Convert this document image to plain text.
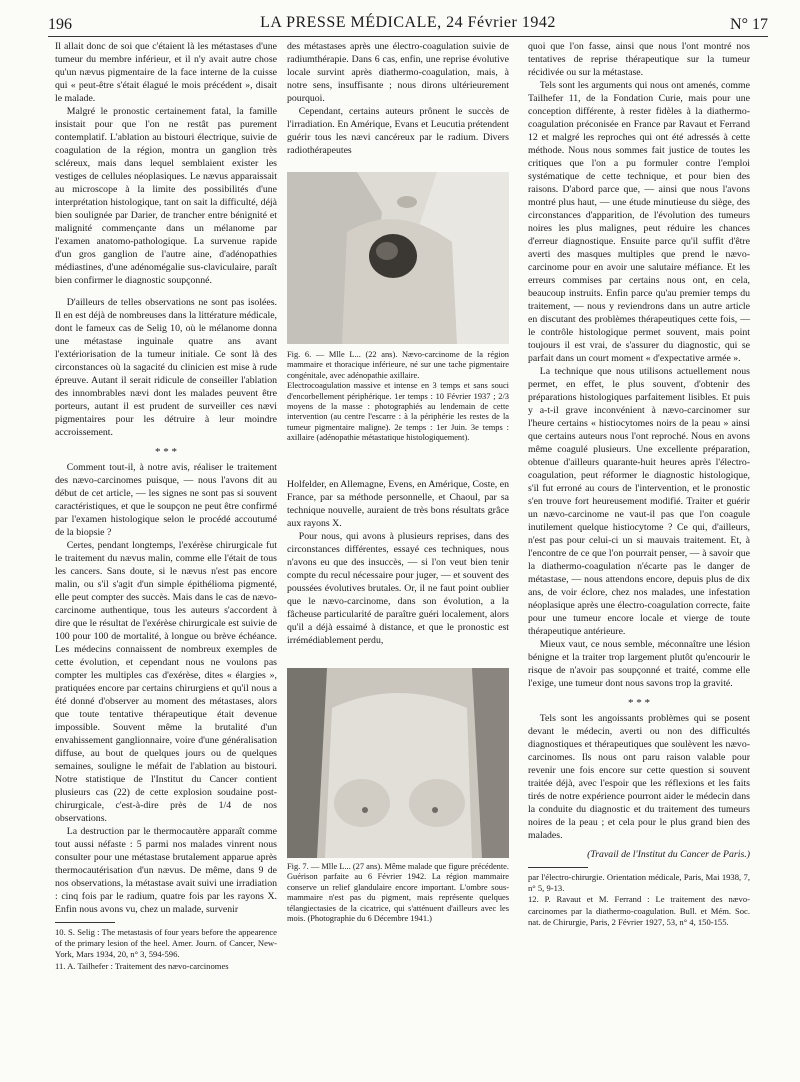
196	LA PRESSE MÉDICALE, 24 Février 1942	N° 17

Il allait donc de soi que c'étaient là les métastases d'une tumeur du membre inférieur, et il n'y avait autre chose qu'un nævus pigmentaire de la face interne de la cuisse qui « peut-être s'était élagué le mois précédent », disait le malade.

Malgré le pronostic certainement fatal, la famille insistait pour que l'on ne restât pas purement contemplatif. L'ablation au bistouri électrique, suivie de coagulation de la région, montra un ganglion très scléreux, mais dans lequel semblaient exister les vestiges de cellules néoplasiques. Le nævus apparaissait au microscope à la limite des possibilités d'une interprétation histologique, tant on sait la difficulté, déjà bien soulignée par Darier, de trancher entre bénignité et malignité commençante dans un mélanome par l'examen anatomo-pathologique. La survenue rapide d'un gros ganglion de l'autre aine, d'adénopathies médiastines, d'une adénomégalie sus-claviculaire, paraît bien confirmer le diagnostic soupçonné.

D'ailleurs de telles observations ne sont pas isolées. Il en est déjà de nombreuses dans la littérature médicale, dont le fameux cas de Selig 10, où le mélanome donna une métastase inguinale quatre ans avant l'extériorisation de la tumeur initiale. Ce sont là des circonstances où la sagacité du clinicien est mise à rude épreuve. Autant il serait ridicule de conseiller l'ablation des innombrables nævi dont les malades peuvent être porteurs, autant il est prudent de surveiller ces nævi pigmentaires pour les détruire à leur moindre accroissement.

* * *

Comment tout-il, à notre avis, réaliser le traitement des nævo-carcinomes puisque, — nous l'avons dit au début de cet article, — les signes ne sont pas si souvent caractéristiques, et que le soupçon ne peut être confirmé par l'examen histologique selon le procédé accoutumé de la biopsie ?

Certes, pendant longtemps, l'exérèse chirurgicale fut le traitement du nævus malin, comme elle l'était de tous les cancers. Sans doute, si le nævus n'est pas encore malin, ou s'il s'agit d'un simple épithélioma pigmenté, elle peut compter des succès. Mais dans le cas de nævo-carcinome authentique, tous les auteurs s'accordent à dire que le résultat de l'exérèse chirurgicale est suivie de 100 pour 100 de mortalité, à longue ou brève échéance. Les médecins connaissent de nombreux exemples de cette évolution, et cependant nous ne voulons pas compter les multiples cas d'exérèse, dites « élargies », pratiquées encore par certains chirurgiens et qu'il nous a été donné d'observer au moment des métastases, alors que toute tentative thérapeutique était devenue impossible. Souvent même la brutalité d'un envahissement ganglionnaire, voire d'une généralisation diffuse, au bout de quelques jours ou de quelques semaines, souligne le méfait de l'ablation au bistouri. Notre statistique de l'Institut du Cancer contient plusieurs cas (22) de cette explosion soudaine post-chirurgicale, c'est-à-dire près de 1/4 de nos observations.

La destruction par le thermocautère apparaît comme tout aussi néfaste : 5 parmi nos malades vinrent nous consulter pour une métastase brutalement apparue après thermocautérisation d'un nævus. De même, dans 9 de nos observations, la métastase avait suivi une irradiation : cinq fois par le radium, quatre fois par les rayons X. Enfin nous avons vu, chez un malade, survenir

10. S. Selig : The metastasis of four years before the appearence of the primary lesion of the heel. Amer. Journ. of Cancer, New-York, Mars 1934, 20, n° 3, 594-596.

11. A. Tailhefer : Traitement des nævo-carcinomes

des métastases après une électro-coagulation suivie de radiumthérapie. Dans 6 cas, enfin, une reprise évolutive locale survint après diathermo-coagulation, mais, à notre sens, insuffisante ; nous dirons ultérieurement pourquoi.

Cependant, certains auteurs prônent le succès de l'irradiation. En Amérique, Evans et Leucutia prétendent guérir tous les nævi cancéreux par le radium. Divers radiothérapeutes

Fig. 6. — Mlle L... (22 ans). Nævo-carcinome de la région mammaire et thoracique inférieure, né sur une tache pigmentaire congénitale, avec adénopathie axillaire.
Electrocoagulation massive et intense en 3 temps et sans souci d'encorbellement périphérique. 1er temps : 10 Février 1937 ; 2/3 moyens de la masse : photographiés au lendemain de cette intervention (au centre l'escarre : à la périphérie les restes de la tumeur pigmentaire maligne). 2e temps : 1er Juin. 3e temps : axillaire (adénopathie métastatique histologiquement).

Holfelder, en Allemagne, Evens, en Amérique, Coste, en France, par sa méthode personnelle, et Chaoul, par sa technique nouvelle, auraient de très bons résultats grâce aux rayons X.

Pour nous, qui avons à plusieurs reprises, dans des circonstances différentes, essayé ces techniques, nous n'avons eu que des insuccès, — si l'on veut bien tenir compte du recul nécessaire pour juger, — et souvent des poussées évolutives brutales. Or, il ne faut point oublier que le nævo-carcinome, dans son évolution, a la fâcheuse particularité de paraître guéri localement, alors qu'il a déjà essaimé à distance, et que le pronostic est irrémédiablement perdu,

Fig. 7. — Mlle L... (27 ans). Même malade que figure précédente. Guérison parfaite au 6 Février 1942. La région mammaire conserve un relief glandulaire encore important. L'ombre sous-mammaire n'est pas du pigment, mais représente quelques télangiectasies de la cicatrice, qui s'atténuent d'ailleurs avec les mois. (Photographie du 6 Décembre 1941.)

quoi que l'on fasse, ainsi que nous l'ont montré nos tentatives de reprise thérapeutique sur la tumeur récidivée ou sur la métastase.

Tels sont les arguments qui nous ont amenés, comme Tailhefer 11, de la Fondation Curie, mais pour une conception différente, à rester fidèles à la diathermo-coagulation préconisée en France par Ravaut et Ferrand 12 et malgré les reproches qui ont été adressés à cette méthode. Nous nous sommes fait justice de toutes les critiques que l'on a pu formuler contre l'emploi systématique de cette technique, et pour bien des raisons. D'abord parce que, — ainsi que nous l'avons montré plus haut, — une étude minutieuse du siège, des circonstances d'apparition, de l'évolution des tumeurs noires les plus malignes, peut réduire les chances d'erreur diagnostique. Ensuite parce qu'il suffit d'être averti des masques multiples que prend le nævo-carcinome pour en avoir une salutaire méfiance. Et les erreurs commises par certains nous ont, en cela, beaucoup instruits. Enfin parce qu'au premier temps du traitement, — nous y reviendrons dans un autre article en discutant des problèmes thérapeutiques cette fois, — le contrôle histologique permet souvent, mais point toujours il est vrai, de s'assurer du diagnostic, qui se parfait dans un court moment « d'expectative armée ».

La technique que nous utilisons actuellement nous permet, en effet, le plus souvent, d'obtenir des préparations histologiques parfaitement lisibles. Et puis y a-t-il grave inconvénient à nævo-carcinomer sur l'heure certains « histiocytomes noirs de la peau » ainsi que certains auteurs nous l'ont reproché. Nous en avons même coagulé plusieurs. Une excellente préparation, obtenue d'ailleurs quarante-huit heures après l'électro-coagulation, peut réformer le diagnostic histologique, s'il fut erroné au cours de l'intervention, et le pronostic s'en trouve fort heureusement modifié. Traiter et guérir un nævo-carcinome ne vaut-il pas que l'on coagule inutilement quelque histiocytome ? Ce qui, d'ailleurs, n'est pas pour celui-ci un si mauvais traitement. Et, à l'encontre de ce que l'on pourrait penser, — à savoir que la diathermo-coagulation n'écarte pas le danger de métastase, — nous attendons encore, depuis plus de dix ans, de voir éclore, chez nos malades, une infestation néoplasique après une électro-coagulation correcte, faite pour une tumeur encore locale et vierge de toute thérapeutique antérieure.

Mieux vaut, ce nous semble, méconnaître une lésion bénigne et la traiter trop largement plutôt qu'encourir le risque de n'avoir pas soupçonné et traité, comme elle l'exige, une tumeur dont nous savons trop la gravité.

* * *

Tels sont les angoissants problèmes qui se posent devant le médecin, averti ou non des difficultés diagnostiques et thérapeutiques que soulèvent les nævo-carcinomes. Ils nous ont paru raison valable pour revenir une fois encore sur cette question si souvent traitée déjà, avec l'espoir que les réflexions et les faits tirés de notre expérience pourront aider le médecin dans la conduite du diagnostic et du traitement des tumeurs noires de la peau ; et cela pour le plus grand bien des malades.

(Travail de l'Institut du Cancer de Paris.)

par l'électro-chirurgie. Orientation médicale, Paris, Mai 1938, 7, n° 5, 9-13.

12. P. Ravaut et M. Ferrand : Le traitement des nævo-carcinomes par la diathermo-coagulation. Bull. et Mém. Soc. nat. de Chirurgie, Paris, 2 Février 1927, 53, n° 4, 150-155.
